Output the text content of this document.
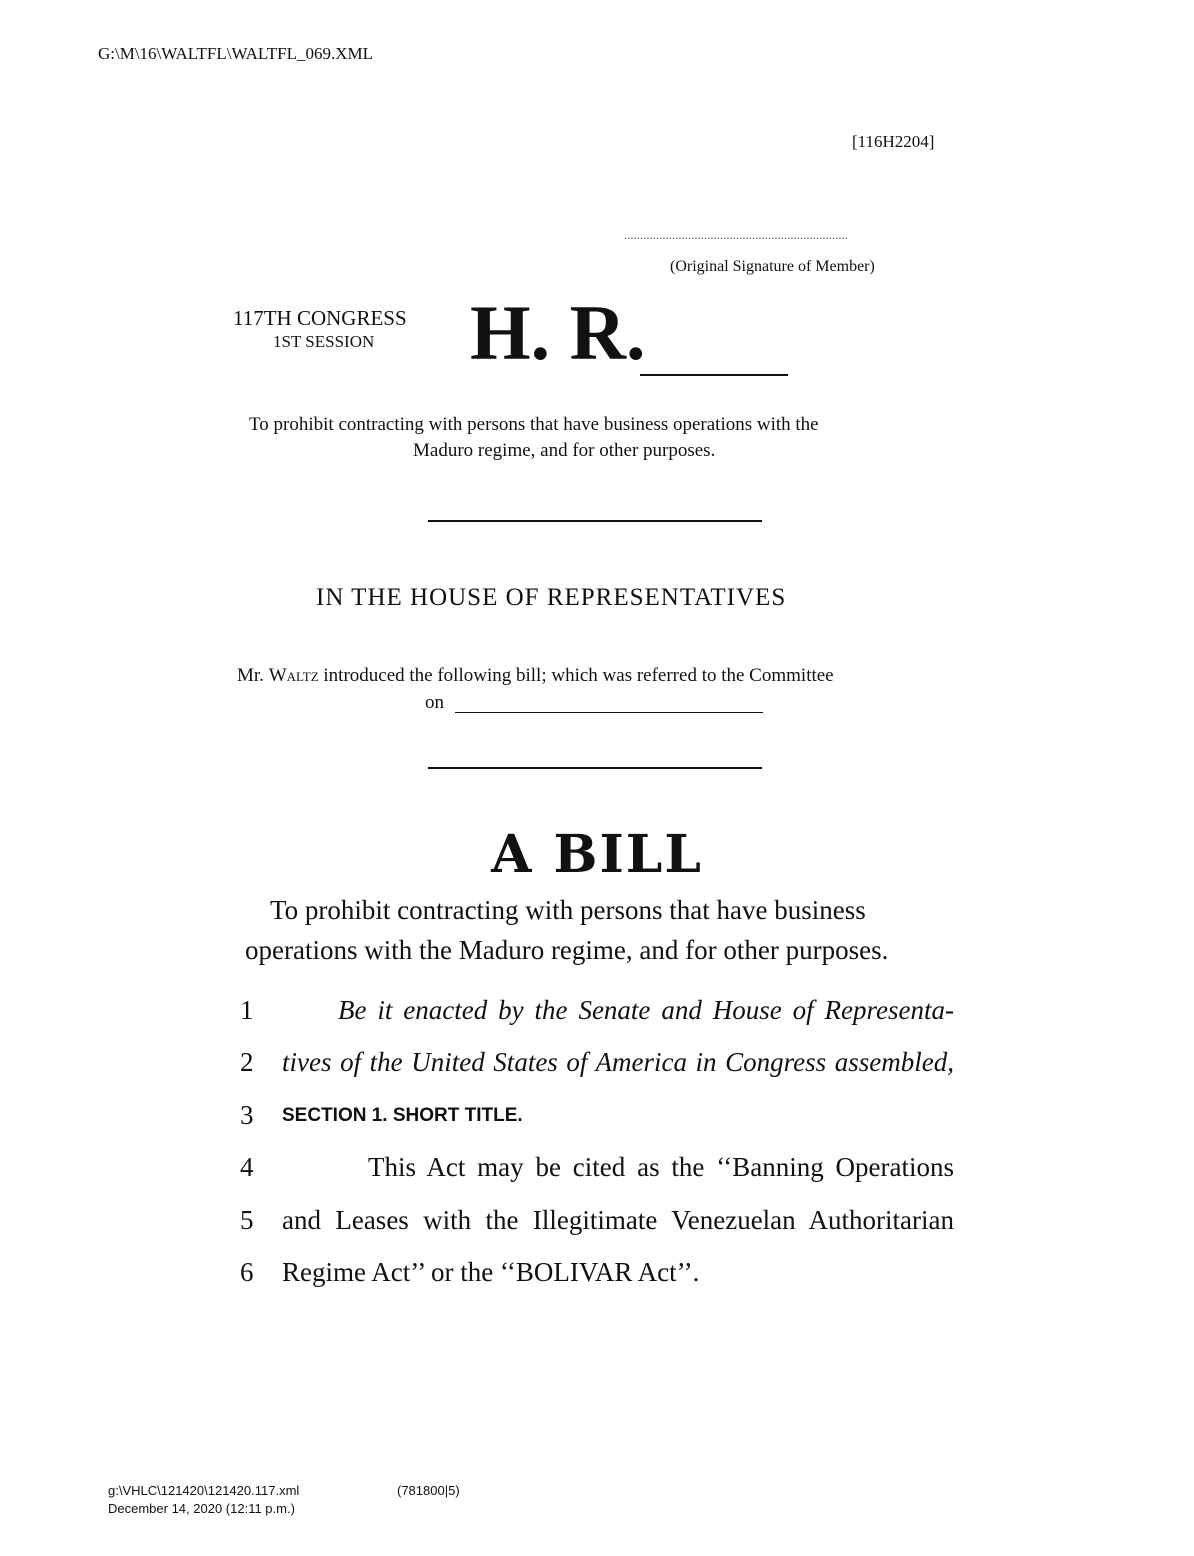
G:\M\16\WALTFL\WALTFL_069.XML
[116H2204]
......................................................................
(Original Signature of Member)
117TH CONGRESS
1ST SESSION H. R.
To prohibit contracting with persons that have business operations with the
Maduro regime, and for other purposes.
IN THE HOUSE OF REPRESENTATIVES
Mr. Waltz introduced the following bill; which was referred to the Committee
on
A BILL
To prohibit contracting with persons that have business
operations with the Maduro regime, and for other purposes.
1	Be it enacted by the Senate and House of Representa-
2	tives of the United States of America in Congress assembled,
3	SECTION 1. SHORT TITLE.
4	This Act may be cited as the ‘‘Banning Operations
5	and Leases with the Illegitimate Venezuelan Authoritarian
6	Regime Act’’ or the ‘‘BOLIVAR Act’’.
g:\VHLC\121420\121420.117.xml	(781800|5)
December 14, 2020 (12:11 p.m.)
